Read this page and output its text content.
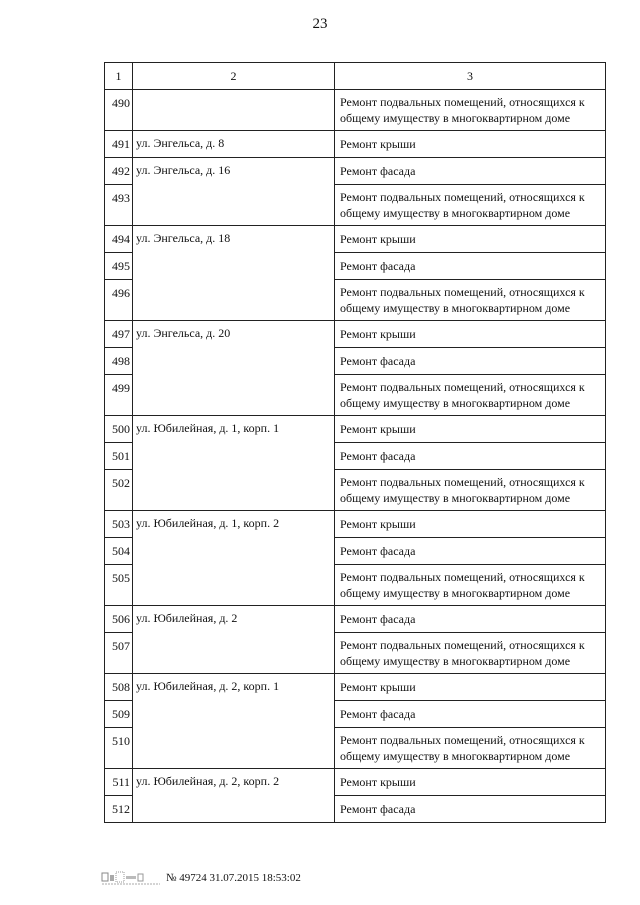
23
1	2	3
490		Ремонт подвальных помещений, относящихся к общему имуществу в многоквартирном доме
491	ул. Энгельса, д. 8	Ремонт крыши
492	ул. Энгельса, д. 16	Ремонт фасада
493		Ремонт подвальных помещений, относящихся к общему имуществу в многоквартирном доме
494	ул. Энгельса, д. 18	Ремонт крыши
495		Ремонт фасада
496		Ремонт подвальных помещений, относящихся к общему имуществу в многоквартирном доме
497	ул. Энгельса, д. 20	Ремонт крыши
498		Ремонт фасада
499		Ремонт подвальных помещений, относящихся к общему имуществу в многоквартирном доме
500	ул. Юбилейная, д. 1, корп. 1	Ремонт крыши
501		Ремонт фасада
502		Ремонт подвальных помещений, относящихся к общему имуществу в многоквартирном доме
503	ул. Юбилейная, д. 1, корп. 2	Ремонт крыши
504		Ремонт фасада
505		Ремонт подвальных помещений, относящихся к общему имуществу в многоквартирном доме
506	ул. Юбилейная, д. 2	Ремонт фасада
507		Ремонт подвальных помещений, относящихся к общему имуществу в многоквартирном доме
508	ул. Юбилейная, д. 2, корп. 1	Ремонт крыши
509		Ремонт фасада
510		Ремонт подвальных помещений, относящихся к общему имуществу в многоквартирном доме
511	ул. Юбилейная, д. 2, корп. 2	Ремонт крыши
512		Ремонт фасада
№ 49724
31.07.2015 18:53:02
